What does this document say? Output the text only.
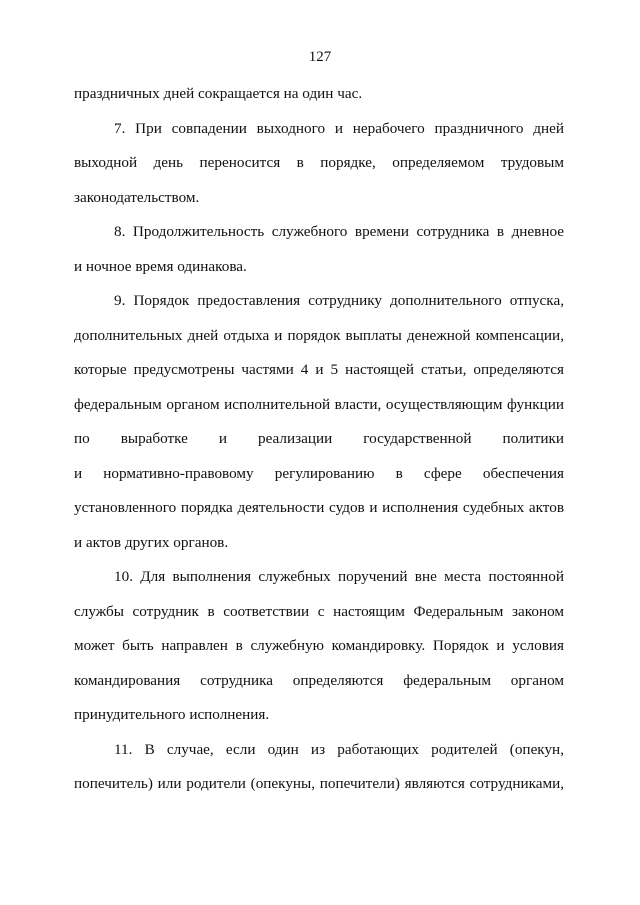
127
праздничных дней сокращается на один час.
7. При совпадении выходного и нерабочего праздничного дней
выходной день переносится в порядке, определяемом трудовым
законодательством.
8. Продолжительность служебного времени сотрудника в дневное
и ночное время одинакова.
9. Порядок предоставления сотруднику дополнительного отпуска,
дополнительных дней отдыха и порядок выплаты денежной компенсации,
которые предусмотрены частями 4 и 5 настоящей статьи, определяются
федеральным органом исполнительной власти, осуществляющим функции
по выработке и реализации государственной политики
и нормативно-правовому регулированию в сфере обеспечения
установленного порядка деятельности судов и исполнения судебных актов
и актов других органов.
10. Для выполнения служебных поручений вне места постоянной
службы сотрудник в соответствии с настоящим Федеральным законом
может быть направлен в служебную командировку. Порядок и условия
командирования сотрудника определяются федеральным органом
принудительного исполнения.
11. В случае, если один из работающих родителей (опекун,
попечитель) или родители (опекуны, попечители) являются сотрудниками,
